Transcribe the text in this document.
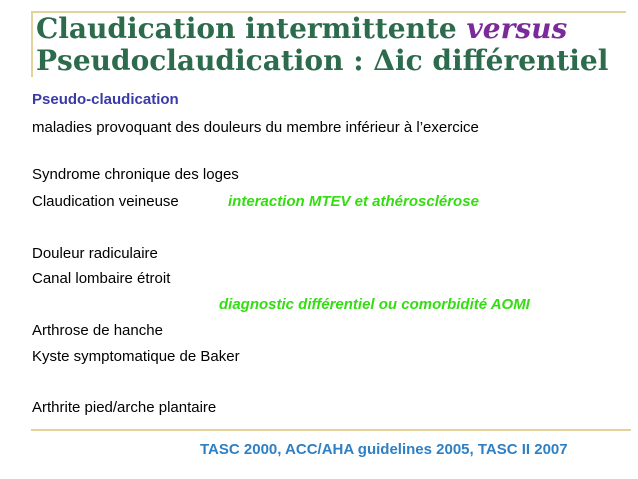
Claudication intermittente versus
Pseudoclaudication : Δic différentiel
Pseudo-claudication
maladies provoquant des douleurs du membre inférieur à l’exercice
Syndrome chronique des loges
Claudication veineuse	interaction MTEV et athérosclérose
Douleur radiculaire
Canal lombaire étroit
diagnostic différentiel ou comorbidité AOMI
Arthrose de hanche
Kyste symptomatique de Baker
Arthrite pied/arche plantaire
TASC 2000, ACC/AHA guidelines 2005, TASC II 2007
